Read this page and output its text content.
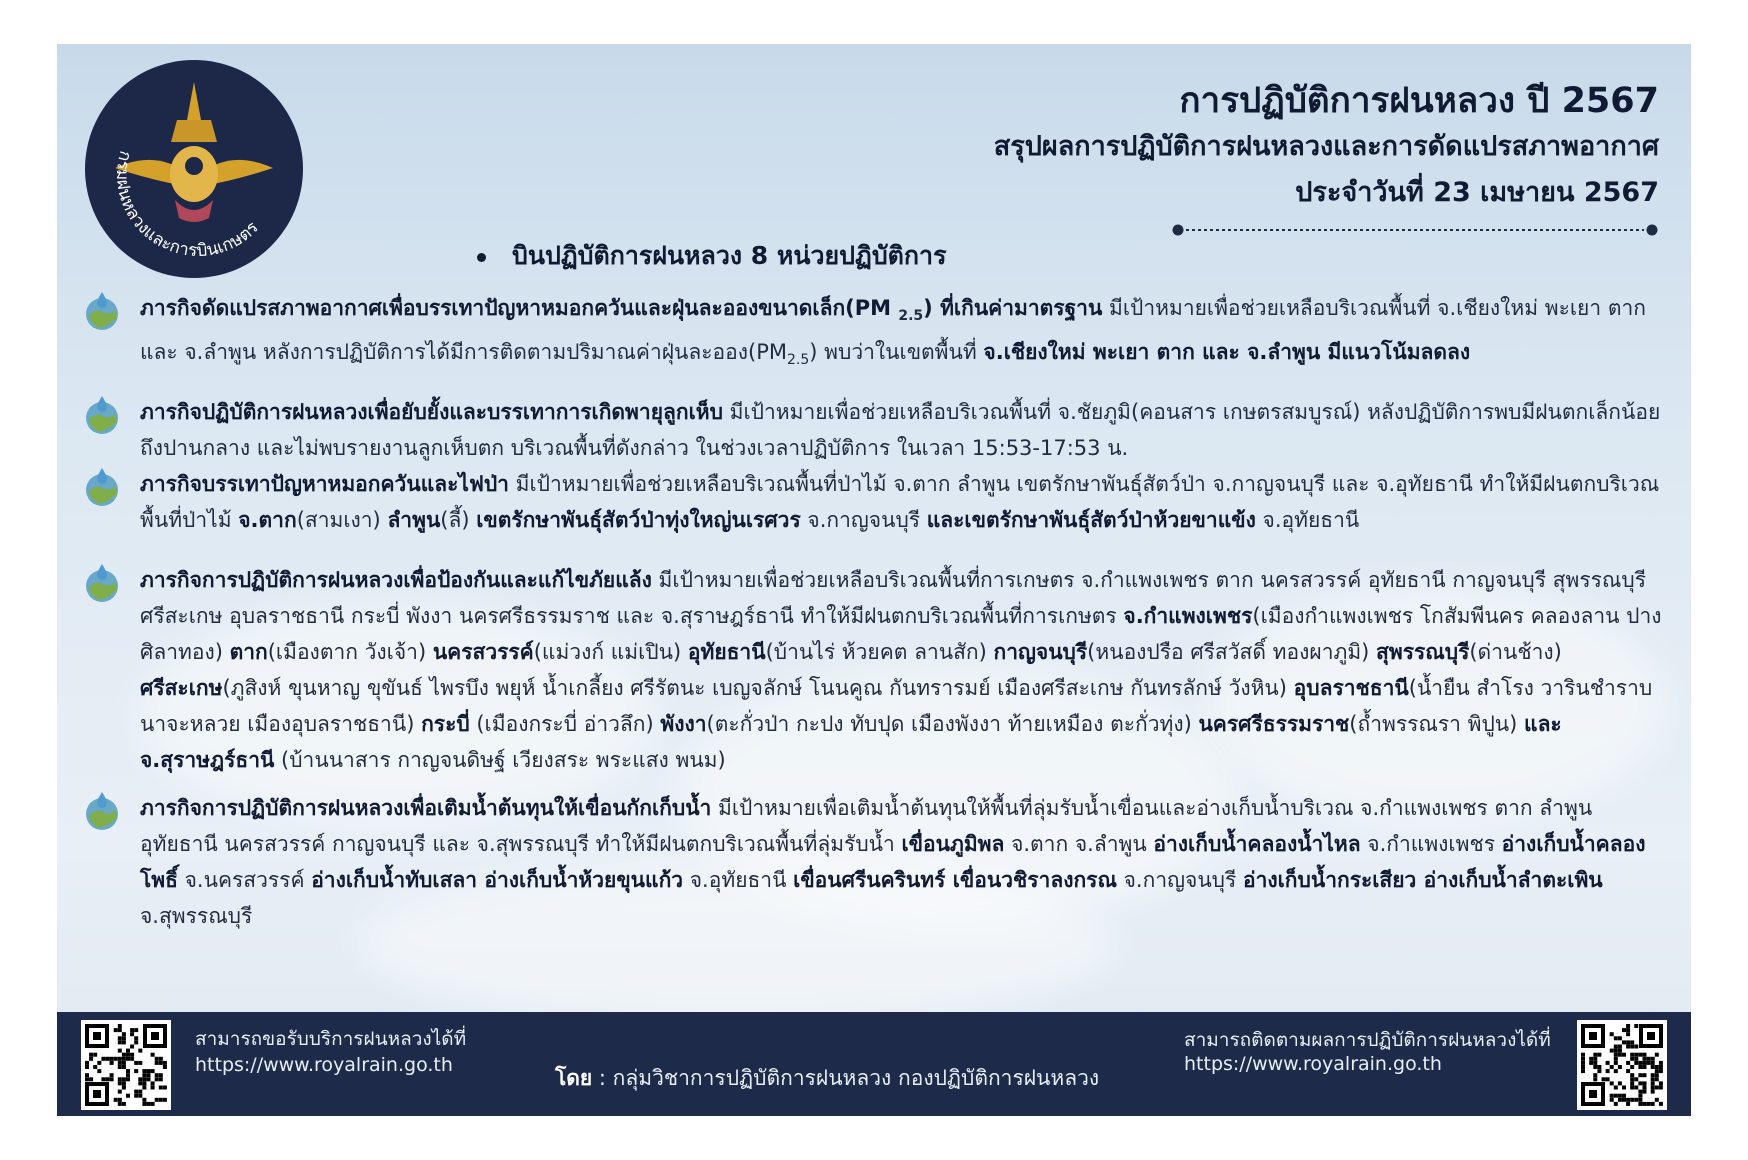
กรมฝนหลวงและการบินเกษตร
การปฏิบัติการฝนหลวง ปี 2567
สรุปผลการปฏิบัติการฝนหลวงและการดัดแปรสภาพอากาศ
ประจำวันที่ 23 เมษายน 2567
บินปฏิบัติการฝนหลวง 8 หน่วยปฏิบัติการ
ภารกิจดัดแปรสภาพอากาศเพื่อบรรเทาปัญหาหมอกควันและฝุ่นละอองขนาดเล็ก(PM $_{2.5}$) ที่เกินค่ามาตรฐาน มีเป้าหมายเพื่อช่วยเหลือบริเวณพื้นที่ จ.เชียงใหม่ พะเยา ตาก และ จ.ลำพูน หลังการปฏิบัติการได้มีการติดตามปริมาณค่าฝุ่นละออง$(PM_{2.5})$ พบว่าในเขตพื้นที่ จ.เชียงใหม่ พะเยา ตาก และ จ.ลำพูน มีแนวโน้มลดลง
ภารกิจปฏิบัติการฝนหลวงเพื่อยับยั้งและบรรเทาการเกิดพายุลูกเห็บ มีเป้าหมายเพื่อช่วยเหลือบริเวณพื้นที่ จ.ชัยภูมิ(คอนสาร เกษตรสมบูรณ์) หลังปฏิบัติการพบมีฝนตกเล็กน้อยถึงปานกลาง และไม่พบรายงานลูกเห็บตก บริเวณพื้นที่ดังกล่าว ในช่วงเวลาปฏิบัติการ ในเวลา 15:53-17:53 น.
ภารกิจบรรเทาปัญหาหมอกควันและไฟป่า มีเป้าหมายเพื่อช่วยเหลือบริเวณพื้นที่ป่าไม้ จ.ตาก ลำพูน เขตรักษาพันธุ์สัตว์ป่า จ.กาญจนบุรี และ จ.อุทัยธานี ทำให้มีฝนตกบริเวณพื้นที่ป่าไม้ จ.ตาก(สามเงา) ลำพูน(ลี้) เขตรักษาพันธุ์สัตว์ป่าทุ่งใหญ่นเรศวร จ.กาญจนบุรี และเขตรักษาพันธุ์สัตว์ป่าห้วยขาแข้ง จ.อุทัยธานี
ภารกิจการปฏิบัติการฝนหลวงเพื่อป้องกันและแก้ไขภัยแล้ง มีเป้าหมายเพื่อช่วยเหลือบริเวณพื้นที่การเกษตร จ.กำแพงเพชร ตาก นครสวรรค์ อุทัยธานี กาญจนบุรี สุพรรณบุรี ศรีสะเกษ อุบลราชธานี กระบี่ พังงา นครศรีธรรมราช และ จ.สุราษฎร์ธานี ทำให้มีฝนตกบริเวณพื้นที่การเกษตร จ.กำแพงเพชร(เมืองกำแพงเพชร โกสัมพีนคร คลองลาน ปางศิลาทอง) ตาก(เมืองตาก วังเจ้า) นครสวรรค์(แม่วงก์ แม่เปิน) อุทัยธานี(บ้านไร่ ห้วยคต ลานสัก) กาญจนบุรี(หนองปรือ ศรีสวัสดิ์ ทองผาภูมิ) สุพรรณบุรี(ด่านช้าง) ศรีสะเกษ(ภูสิงห์ ขุนหาญ ขุขันธ์ ไพรบึง พยุห์ น้ำเกลี้ยง ศรีรัตนะ เบญจลักษ์ โนนคูณ กันทรารมย์ เมืองศรีสะเกษ กันทรลักษ์ วังหิน) อุบลราชธานี(น้ำยืน สำโรง วารินชำราบ นาจะหลวย เมืองอุบลราชธานี) กระบี่ (เมืองกระบี่ อ่าวลึก) พังงา(ตะกั่วป่า กะปง ทับปุด เมืองพังงา ท้ายเหมือง ตะกั่วทุ่ง) นครศรีธรรมราช(ถ้ำพรรณรา พิปูน) และ จ.สุราษฎร์ธานี (บ้านนาสาร กาญจนดิษฐ์ เวียงสระ พระแสง พนม)
ภารกิจการปฏิบัติการฝนหลวงเพื่อเติมน้ำต้นทุนให้เขื่อนกักเก็บน้ำ มีเป้าหมายเพื่อเติมน้ำต้นทุนให้พื้นที่ลุ่มรับน้ำเขื่อนและอ่างเก็บน้ำบริเวณ จ.กำแพงเพชร ตาก ลำพูน อุทัยธานี นครสวรรค์ กาญจนบุรี และ จ.สุพรรณบุรี ทำให้มีฝนตกบริเวณพื้นที่ลุ่มรับน้ำ เขื่อนภูมิพล จ.ตาก จ.ลำพูน อ่างเก็บน้ำคลองน้ำไหล จ.กำแพงเพชร อ่างเก็บน้ำคลองโพธิ์ จ.นครสวรรค์ อ่างเก็บน้ำทับเสลา อ่างเก็บน้ำห้วยขุนแก้ว จ.อุทัยธานี เขื่อนศรีนครินทร์ เขื่อนวชิราลงกรณ จ.กาญจนบุรี อ่างเก็บน้ำกระเสียว อ่างเก็บน้ำลำตะเพิน จ.สุพรรณบุรี
สามารถขอรับบริการฝนหลวงได้ที่
https://www.royalrain.go.th
โดย : กลุ่มวิชาการปฏิบัติการฝนหลวง กองปฏิบัติการฝนหลวง
สามารถติดตามผลการปฏิบัติการฝนหลวงได้ที่
https://www.royalrain.go.th
